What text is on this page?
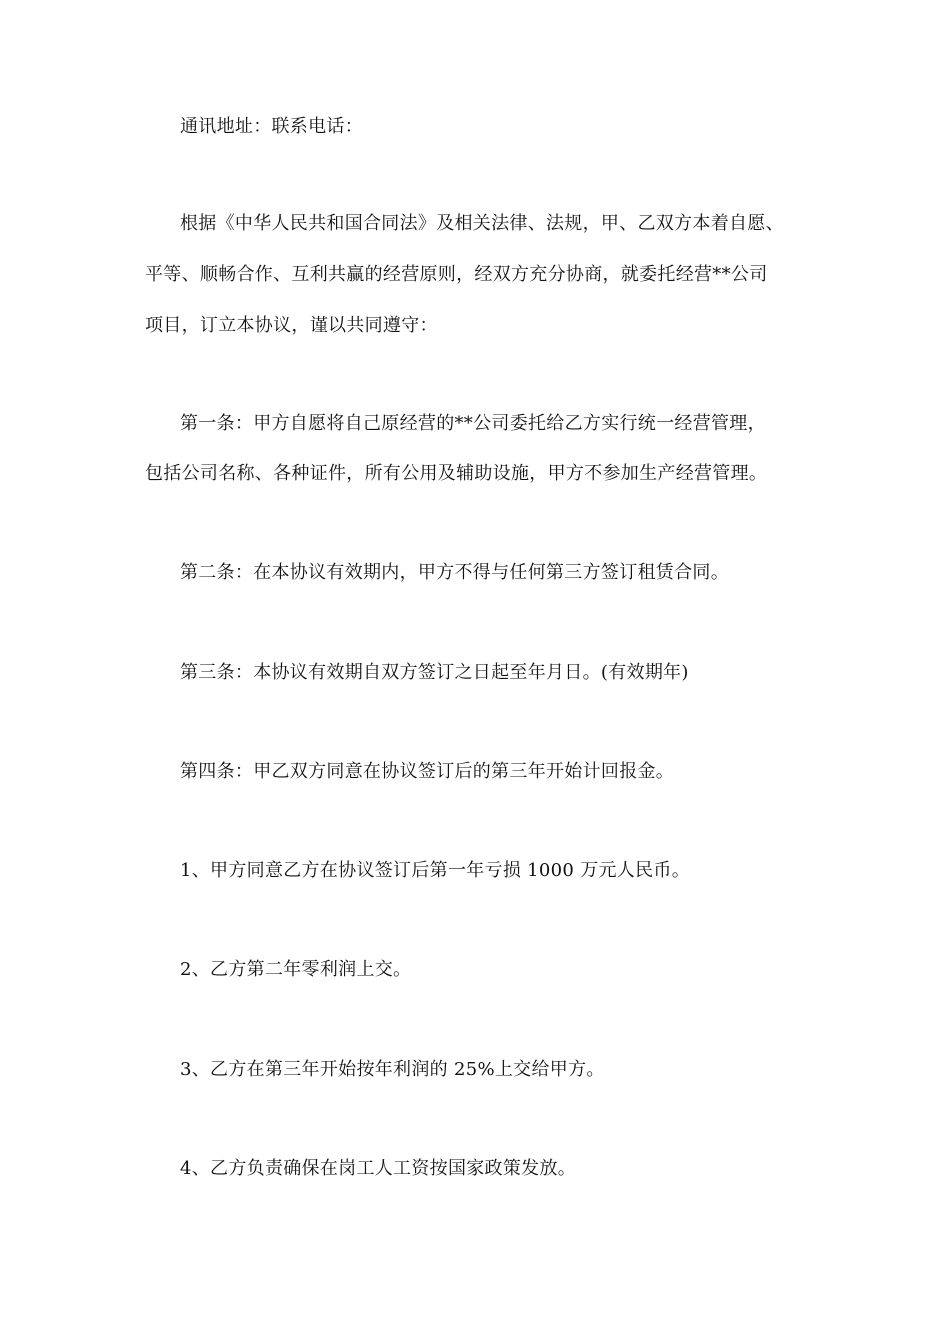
通讯地址：联系电话：
根据《中华人民共和国合同法》及相关法律、法规，甲、乙双方本着自愿、
平等、顺畅合作、互利共赢的经营原则，经双方充分协商，就委托经营**公司
项目，订立本协议，谨以共同遵守：
第一条：甲方自愿将自己原经营的**公司委托给乙方实行统一经营管理，
包括公司名称、各种证件，所有公用及辅助设施，甲方不参加生产经营管理。
第二条：在本协议有效期内，甲方不得与任何第三方签订租赁合同。
第三条：本协议有效期自双方签订之日起至年月日。(有效期年)
第四条：甲乙双方同意在协议签订后的第三年开始计回报金。
1、甲方同意乙方在协议签订后第一年亏损 1000 万元人民币。
2、乙方第二年零利润上交。
3、乙方在第三年开始按年利润的 25%上交给甲方。
4、乙方负责确保在岗工人工资按国家政策发放。
